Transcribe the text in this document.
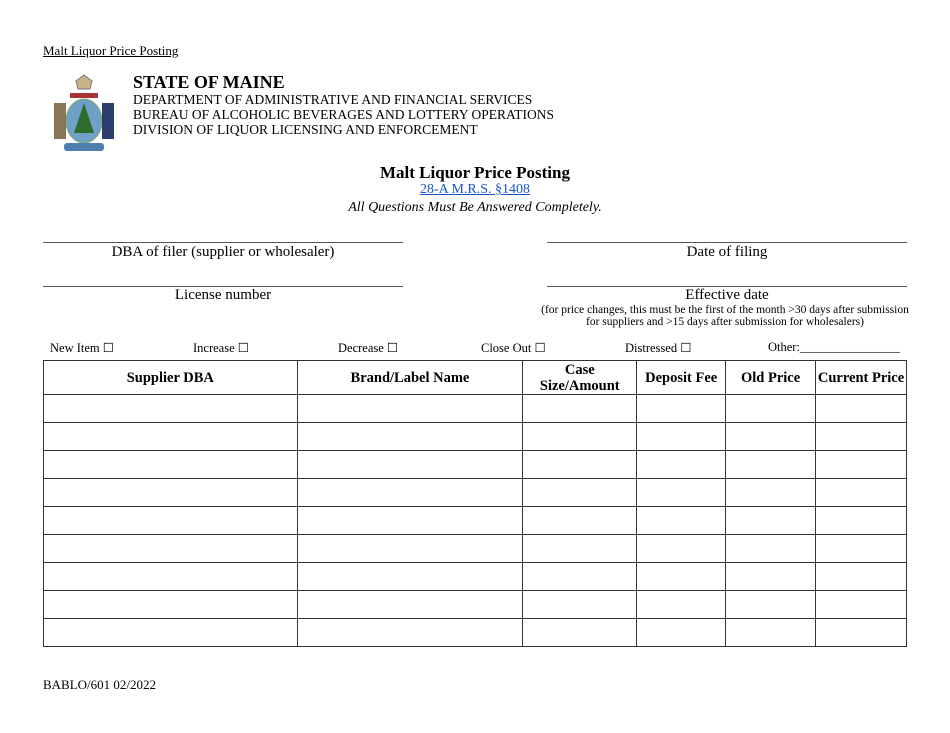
Malt Liquor Price Posting
STATE OF MAINE
DEPARTMENT OF ADMINISTRATIVE AND FINANCIAL SERVICES
BUREAU OF ALCOHOLIC BEVERAGES AND LOTTERY OPERATIONS
DIVISION OF LIQUOR LICENSING AND ENFORCEMENT
Malt Liquor Price Posting
28-A M.R.S. §1408
All Questions Must Be Answered Completely.
DBA of filer (supplier or wholesaler)	Date of filing
License number	Effective date
(for price changes, this must be the first of the month >30 days after submission
for suppliers and >15 days after submission for wholesalers)
New Item ☐	Increase ☐	Decrease ☐	Close Out ☐	Distressed ☐	Other:________________
Supplier DBA	Brand/Label Name	Case Size/Amount	Deposit Fee	Old Price	Current Price

BABLO/601 02/2022
